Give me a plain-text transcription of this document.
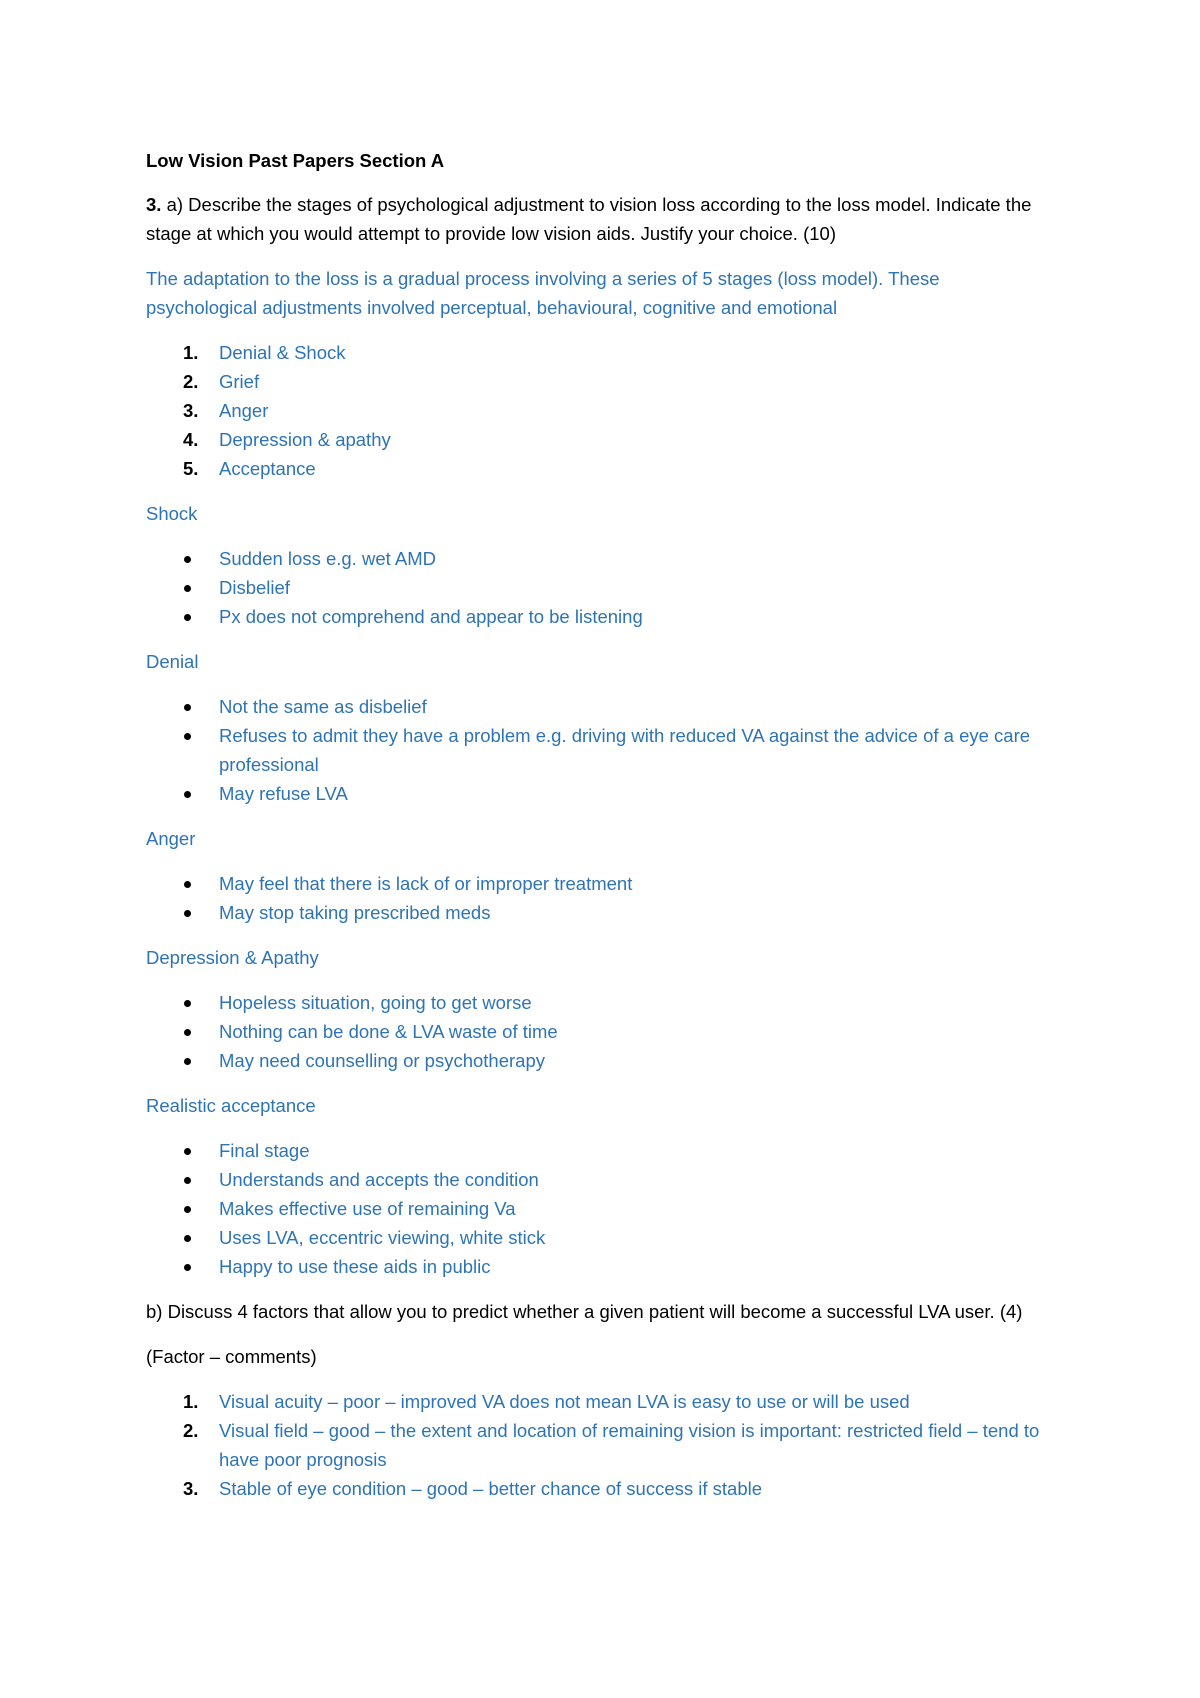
Low Vision Past Papers Section A

3. a) Describe the stages of psychological adjustment to vision loss according to the loss model. Indicate the stage at which you would attempt to provide low vision aids. Justify your choice. (10)

The adaptation to the loss is a gradual process involving a series of 5 stages (loss model). These psychological adjustments involved perceptual, behavioural, cognitive and emotional

1. Denial & Shock
2. Grief
3. Anger
4. Depression & apathy
5. Acceptance

Shock

Sudden loss e.g. wet AMD
Disbelief
Px does not comprehend and appear to be listening

Denial

Not the same as disbelief
Refuses to admit they have a problem e.g. driving with reduced VA against the advice of a eye care professional
May refuse LVA

Anger

May feel that there is lack of or improper treatment
May stop taking prescribed meds

Depression & Apathy

Hopeless situation, going to get worse
Nothing can be done & LVA waste of time
May need counselling or psychotherapy

Realistic acceptance

Final stage
Understands and accepts the condition
Makes effective use of remaining Va
Uses LVA, eccentric viewing, white stick
Happy to use these aids in public

b) Discuss 4 factors that allow you to predict whether a given patient will become a successful LVA user. (4)

(Factor – comments)

1. Visual acuity – poor – improved VA does not mean LVA is easy to use or will be used
2. Visual field – good – the extent and location of remaining vision is important: restricted field – tend to have poor prognosis
3. Stable of eye condition – good – better chance of success if stable
